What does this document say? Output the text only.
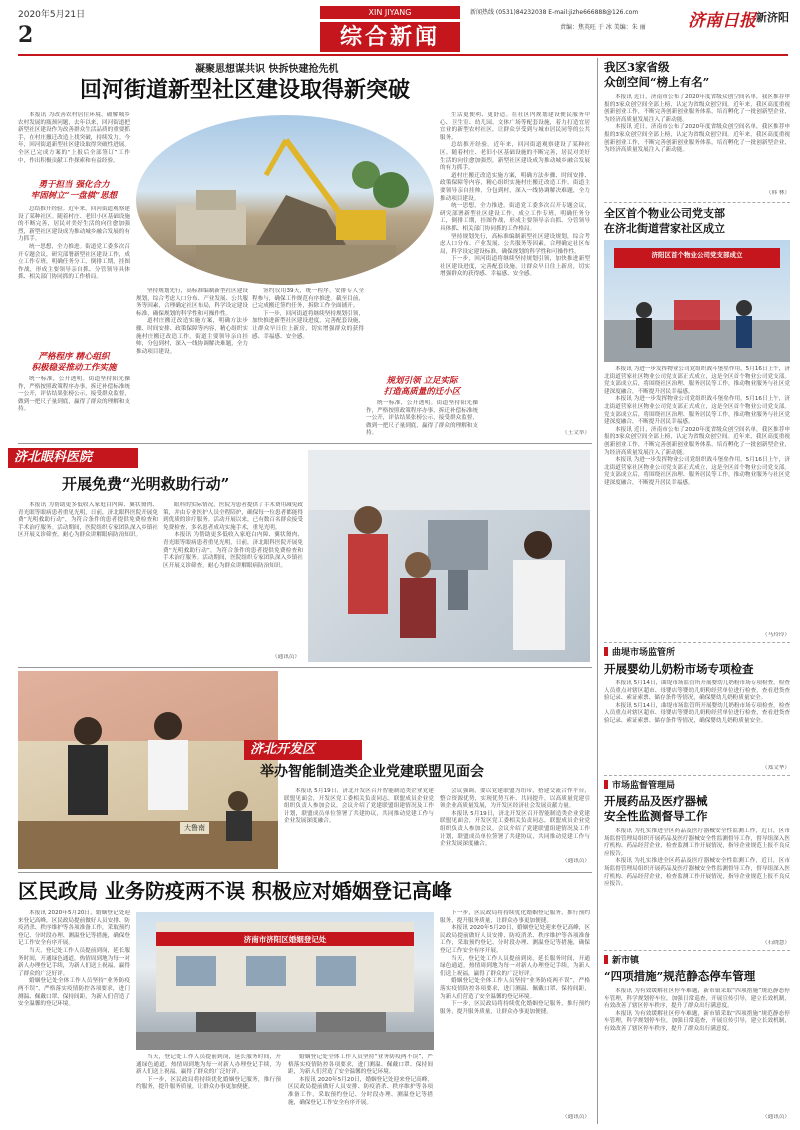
2020年5月21日
2
XIN JIYANG
综合新闻
新闻热线 (0531)84232038 E-mail:jizhe666888@126.com
责编：焦英旺 于 冰 美编：朱 丽 济南日报 新济阳
凝聚思想谋共识 快拆快建抢先机
回河街道新型社区建设取得新突破

本报讯 为改善农村居住环境、破解城乡农村发展的瓶颈问题，去年以来，回河街道把新型社区建设作为改善群众生活品质的重要抓手，在村庄撤迁改造上找突破，持续发力。今年，回河街道新型社区建设取得突破性进展。全区已完成方案的“上报后全部签订”工作中，作出积极贡献工作探索和有益经验。

勇于担当 强化合力
牢固树立“一盘棋”思想

总结推开经验。近年来，回河街道观察建设了某种社区。随着村庄、老旧小区基础设施的不断完善，居民对美好生活的向往愈加强烈，新型社区建设成为推动城乡融合发展的有力抓手。

统一思想，全力推进。街道党工委多次召开专题会议，研究部署新型社区建设工作，成立工作专班，明确任务分工，倒排工期，挂图作战，形成主要领导亲自抓、分管领导具体抓、相关部门协同抓的工作格局。

严格程序 精心组织
积极稳妥推动工作实施

统一标准，公开透明。街道坚持阳光操作，严格按照政策程序办事，拆迁补偿标准统一公开，评估结果张榜公示，接受群众监督，做到一把尺子量到底，赢得了群众的理解和支持。

坚持规划先行，高标准编制新型社区建设规划，综合考虑人口分布、产业发展、公共服务等因素，合理确定社区布局，科学设定建设标准，确保规划的科学性和可操作性。

道村庄搬迁改造实施方案，明确方法步骤、时间安排、政策保障等内容，精心组织实施村庄搬迁改造工作。街道主要领导亲自挂帅，分包到村，深入一线协调解决难题，全力推动项目建设。

签约仅用39天，统一程序，安排专人全程参与，确保工作规范有序推进。截至目前，已完成搬迁签约任务，拆除工作全面铺开。

下一步，回河街道将继续坚持规划引领，加快推进新型社区建设进度，完善配套设施，让群众早日住上新房，切实增强群众的获得感、幸福感、安全感。

规划引领 立足实际
打造高质量的迁小区

统一标准，公开透明。街道坚持阳光操作，严格按照政策程序办事，拆迁补偿标准统一公开，评估结果张榜公示，接受群众监督，做到一把尺子量到底，赢得了群众的理解和支持。

生活更便利、更舒适。在社区内规划建设便民服务中心、卫生室、幼儿园、文体广场等配套设施，着力打造宜居宜业的新型农村社区，让群众享受到与城市居民同等的公共服务。

总结推开经验。近年来，回河街道观察建设了某种社区。随着村庄、老旧小区基础设施的不断完善，居民对美好生活的向往愈加强烈，新型社区建设成为推动城乡融合发展的有力抓手。

道村庄搬迁改造实施方案，明确方法步骤、时间安排、政策保障等内容，精心组织实施村庄搬迁改造工作。街道主要领导亲自挂帅，分包到村，深入一线协调解决难题，全力推动项目建设。

统一思想，全力推进。街道党工委多次召开专题会议，研究部署新型社区建设工作，成立工作专班，明确任务分工，倒排工期，挂图作战，形成主要领导亲自抓、分管领导具体抓、相关部门协同抓的工作格局。

坚持规划先行，高标准编制新型社区建设规划，综合考虑人口分布、产业发展、公共服务等因素，合理确定社区布局，科学设定建设标准，确保规划的科学性和可操作性。

下一步，回河街道将继续坚持规划引领，加快推进新型社区建设进度，完善配套设施，让群众早日住上新房，切实增强群众的获得感、幸福感、安全感。

（王文举）
济北眼科医院
开展免费“光明救助行动”

本报讯 为帮助更多低收入家庭白内障、翼状胬肉、青光眼等眼病患者重见光明，日前，济北眼科医院开展免费“光明救助行动”，为符合条件的患者提供免费检查和手术治疗服务。活动期间，医院组织专家团队深入乡镇社区开展义诊筛查，耐心为群众讲解眼病防治知识。

眼科的实际情况，医院为患者提供了手术费用减免政策，并由专业医护人员全程陪护，确保每一位患者都能得到优质的诊疗服务。活动开展以来，已有数百名群众接受免费检查，多名患者成功实施手术，重见光明。

本报讯 为帮助更多低收入家庭白内障、翼状胬肉、青光眼等眼病患者重见光明，日前，济北眼科医院开展免费“光明救助行动”，为符合条件的患者提供免费检查和手术治疗服务。活动期间，医院组织专家团队深入乡镇社区开展义诊筛查，耐心为群众讲解眼病防治知识。

（通讯员）
大鲁南
济北开发区
举办智能制造类企业党建联盟见面会

本报讯 5月19日，济北开发区召开智能制造类企业党建联盟见面会，开发区党工委相关负责同志，联盟成员企业党组织负责人参加会议。会议介绍了党建联盟组建情况及工作计划，联盟成员单位签署了共建协议，共同推动党建工作与企业发展深度融合。

会议强调，要以党建联盟为纽带，搭建交流合作平台，整合资源优势，实现优势互补、共同提升，以高质量党建引领企业高质量发展，为开发区经济社会发展贡献力量。

本报讯 5月19日，济北开发区召开智能制造类企业党建联盟见面会，开发区党工委相关负责同志，联盟成员企业党组织负责人参加会议。会议介绍了党建联盟组建情况及工作计划，联盟成员单位签署了共建协议，共同推动党建工作与企业发展深度融合。

（通讯员）
区民政局 业务防疫两不误 积极应对婚姻登记高峰

本报讯 2020年5月20日，婚姻登记处迎来登记高峰，区民政局提前做好人员安排、防疫消杀、秩序维护等各项准备工作，采取预约登记、分时段办理、测温登记等措施，确保登记工作安全有序开展。

当天，登记处工作人员提前到岗，延长服务时间，开通绿色通道，热情周到地为每一对新人办理登记手续，为新人们送上祝福，赢得了群众的广泛好评。

婚姻登记处全体工作人员坚持“业务防疫两不误”，严格落实疫情防控各项要求，进门测温、佩戴口罩、保持间距，为新人们营造了安全温馨的登记环境。

济南市济阳区婚姻登记处

当天，登记处工作人员提前到岗，延长服务时间，开通绿色通道，热情周到地为每一对新人办理登记手续，为新人们送上祝福，赢得了群众的广泛好评。

下一步，区民政局将持续优化婚姻登记服务，推行预约服务，提升服务质量，让群众办事更加便捷。

婚姻登记处全体工作人员坚持“业务防疫两不误”，严格落实疫情防控各项要求，进门测温、佩戴口罩、保持间距，为新人们营造了安全温馨的登记环境。

本报讯 2020年5月20日，婚姻登记处迎来登记高峰，区民政局提前做好人员安排、防疫消杀、秩序维护等各项准备工作，采取预约登记、分时段办理、测温登记等措施，确保登记工作安全有序开展。

下一步，区民政局将持续优化婚姻登记服务，推行预约服务，提升服务质量，让群众办事更加便捷。

本报讯 2020年5月20日，婚姻登记处迎来登记高峰，区民政局提前做好人员安排、防疫消杀、秩序维护等各项准备工作，采取预约登记、分时段办理、测温登记等措施，确保登记工作安全有序开展。

当天，登记处工作人员提前到岗，延长服务时间，开通绿色通道，热情周到地为每一对新人办理登记手续，为新人们送上祝福，赢得了群众的广泛好评。

婚姻登记处全体工作人员坚持“业务防疫两不误”，严格落实疫情防控各项要求，进门测温、佩戴口罩、保持间距，为新人们营造了安全温馨的登记环境。

下一步，区民政局将持续优化婚姻登记服务，推行预约服务，提升服务质量，让群众办事更加便捷。

（通讯员）
我区3家省级
众创空间“榜上有名”

本报讯 近日，济南市公布了2020年度省级众创空间名单，我区推荐申报的3家众创空间全部上榜，认定为省级众创空间。近年来，我区高度重视创新创业工作，不断完善创新创业服务体系，培育孵化了一批创新型企业，为经济高质量发展注入了新动能。

本报讯 近日，济南市公布了2020年度省级众创空间名单，我区推荐申报的3家众创空间全部上榜，认定为省级众创空间。近年来，我区高度重视创新创业工作，不断完善创新创业服务体系，培育孵化了一批创新型企业，为经济高质量发展注入了新动能。

（韩 林）
全区首个物业公司党支部
在济北街道营家社区成立
济阳区首个物业公司党支部成立

本报讯 为进一步发挥物业公司党组织战斗堡垒作用，5月16日上午，济北街道营家社区物业公司党支部正式成立，这是全区首个物业公司党支部。党支部成立后，将围绕社区治理、服务居民等工作，推动物业服务与社区党建深度融合，不断提升居民幸福感。

本报讯 为进一步发挥物业公司党组织战斗堡垒作用，5月16日上午，济北街道营家社区物业公司党支部正式成立，这是全区首个物业公司党支部。党支部成立后，将围绕社区治理、服务居民等工作，推动物业服务与社区党建深度融合，不断提升居民幸福感。

本报讯 近日，济南市公布了2020年度省级众创空间名单，我区推荐申报的3家众创空间全部上榜，认定为省级众创空间。近年来，我区高度重视创新创业工作，不断完善创新创业服务体系，培育孵化了一批创新型企业，为经济高质量发展注入了新动能。

本报讯 为进一步发挥物业公司党组织战斗堡垒作用，5月16日上午，济北街道营家社区物业公司党支部正式成立，这是全区首个物业公司党支部。党支部成立后，将围绕社区治理、服务居民等工作，推动物业服务与社区党建深度融合，不断提升居民幸福感。

（马玲玲）
曲堤市场监管所
开展婴幼儿奶粉市场专项检查

本报讯 5月14日，曲堤市场监管所开展婴幼儿奶粉市场专项检查，检查人员重点对辖区超市、母婴店等婴幼儿奶粉经营单位进行检查，查看进货查验记录、索证索票、储存条件等情况，确保婴幼儿奶粉质量安全。

本报讯 5月14日，曲堤市场监管所开展婴幼儿奶粉市场专项检查，检查人员重点对辖区超市、母婴店等婴幼儿奶粉经营单位进行检查，查看进货查验记录、索证索票、储存条件等情况，确保婴幼儿奶粉质量安全。

（郑文华）
市场监督管理局
开展药品及医疗器械
安全性监测督导工作

本报讯 为扎实推进全区药品及医疗器械安全性监测工作，近日，区市场监督管理局组织开展药品及医疗器械安全性监测督导工作，督导组深入医疗机构、药品经营企业，检查监测工作开展情况，指导企业规范上报不良反应报告。

本报讯 为扎实推进全区药品及医疗器械安全性监测工作，近日，区市场监督管理局组织开展药品及医疗器械安全性监测督导工作，督导组深入医疗机构、药品经营企业，检查监测工作开展情况，指导企业规范上报不良反应报告。

（石晓慧）
新市镇
“四项措施”规范静态停车管理

本报讯 为有效缓解社区停车难题，新市镇采取“四项措施”规范静态停车管理，科学规划停车位，加强日常巡查，开展宣传引导，建立长效机制，有效改善了辖区停车秩序，提升了群众出行满意度。

本报讯 为有效缓解社区停车难题，新市镇采取“四项措施”规范静态停车管理，科学规划停车位，加强日常巡查，开展宣传引导，建立长效机制，有效改善了辖区停车秩序，提升了群众出行满意度。

（通讯员）
